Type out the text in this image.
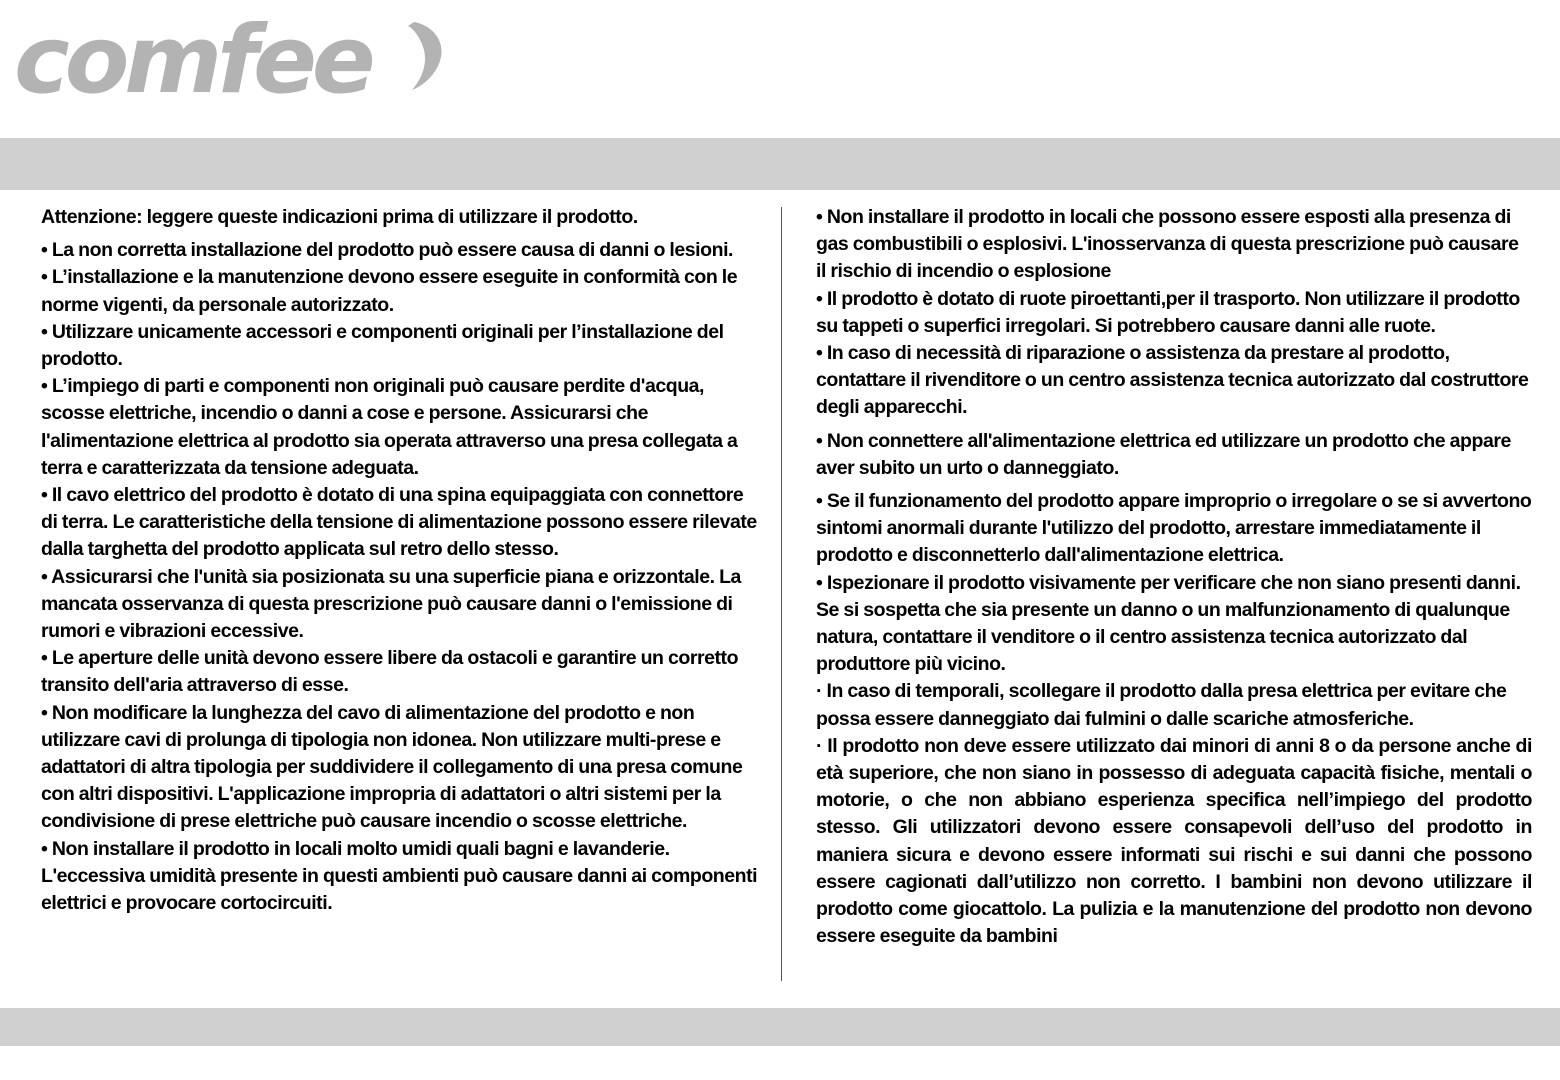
comfee

Attenzione: leggere queste indicazioni prima di utilizzare il prodotto.

• La non corretta installazione del prodotto può essere causa di danni o lesioni.

• L’installazione e la manutenzione devono essere eseguite in conformità con le norme vigenti, da personale autorizzato.

• Utilizzare unicamente accessori e componenti originali per l’installazione del prodotto.

• L’impiego di parti e componenti non originali può causare perdite d'acqua, scosse elettriche, incendio o danni a cose e persone. Assicurarsi che l'alimentazione elettrica al prodotto sia operata attraverso una presa collegata a terra e caratterizzata da tensione adeguata.

• Il cavo elettrico del prodotto è dotato di una spina equipaggiata con connettore di terra. Le caratteristiche della tensione di alimentazione possono essere rilevate dalla targhetta del prodotto applicata sul retro dello stesso.

• Assicurarsi che l'unità sia posizionata su una superficie piana e orizzontale. La mancata osservanza di questa prescrizione può causare danni o l'emissione di rumori e vibrazioni eccessive.

• Le aperture delle unità devono essere libere da ostacoli e garantire un corretto transito dell'aria attraverso di esse.

• Non modificare la lunghezza del cavo di alimentazione del prodotto e non utilizzare cavi di prolunga di tipologia non idonea. Non utilizzare multi-prese e adattatori di altra tipologia per suddividere il collegamento di una presa comune con altri dispositivi. L'applicazione impropria di adattatori o altri sistemi per la condivisione di prese elettriche può causare incendio o scosse elettriche.

• Non installare il prodotto in locali molto umidi quali bagni e lavanderie. L'eccessiva umidità presente in questi ambienti può causare danni ai componenti elettrici e provocare cortocircuiti.

• Non installare il prodotto in locali che possono essere esposti alla presenza di gas combustibili o esplosivi. L'inosservanza di questa prescrizione può causare il rischio di incendio o esplosione

• Il prodotto è dotato di ruote piroettanti,per il trasporto. Non utilizzare il prodotto su tappeti o superfici irregolari. Si potrebbero causare danni alle ruote.

• In caso di necessità di riparazione o assistenza da prestare al prodotto, contattare il rivenditore o un centro assistenza tecnica autorizzato dal costruttore degli apparecchi.

• Non connettere all'alimentazione elettrica ed utilizzare un prodotto che appare aver subito un urto o danneggiato.

• Se il funzionamento del prodotto appare improprio o irregolare o se si avvertono sintomi anormali durante l'utilizzo del prodotto, arrestare immediatamente il prodotto e disconnetterlo dall'alimentazione elettrica.

• Ispezionare il prodotto visivamente per verificare che non siano presenti danni. Se si sospetta che sia presente un danno o un malfunzionamento di qualunque natura, contattare il venditore o il centro assistenza tecnica autorizzato dal produttore più vicino.

· In caso di temporali, scollegare il prodotto dalla presa elettrica per evitare che possa essere danneggiato dai fulmini o dalle scariche atmosferiche.

· Il prodotto non deve essere utilizzato dai minori di anni 8 o da persone anche di età superiore, che non siano in possesso di adeguata capacità fisiche, mentali o motorie, o che non abbiano esperienza specifica nell’impiego del prodotto stesso. Gli utilizzatori devono essere consapevoli dell’uso del prodotto in maniera sicura e devono essere informati sui rischi e sui danni che possono essere cagionati dall’utilizzo non corretto. I bambini non devono utilizzare il prodotto come giocattolo. La pulizia e la manutenzione del prodotto non devono essere eseguite da bambini
